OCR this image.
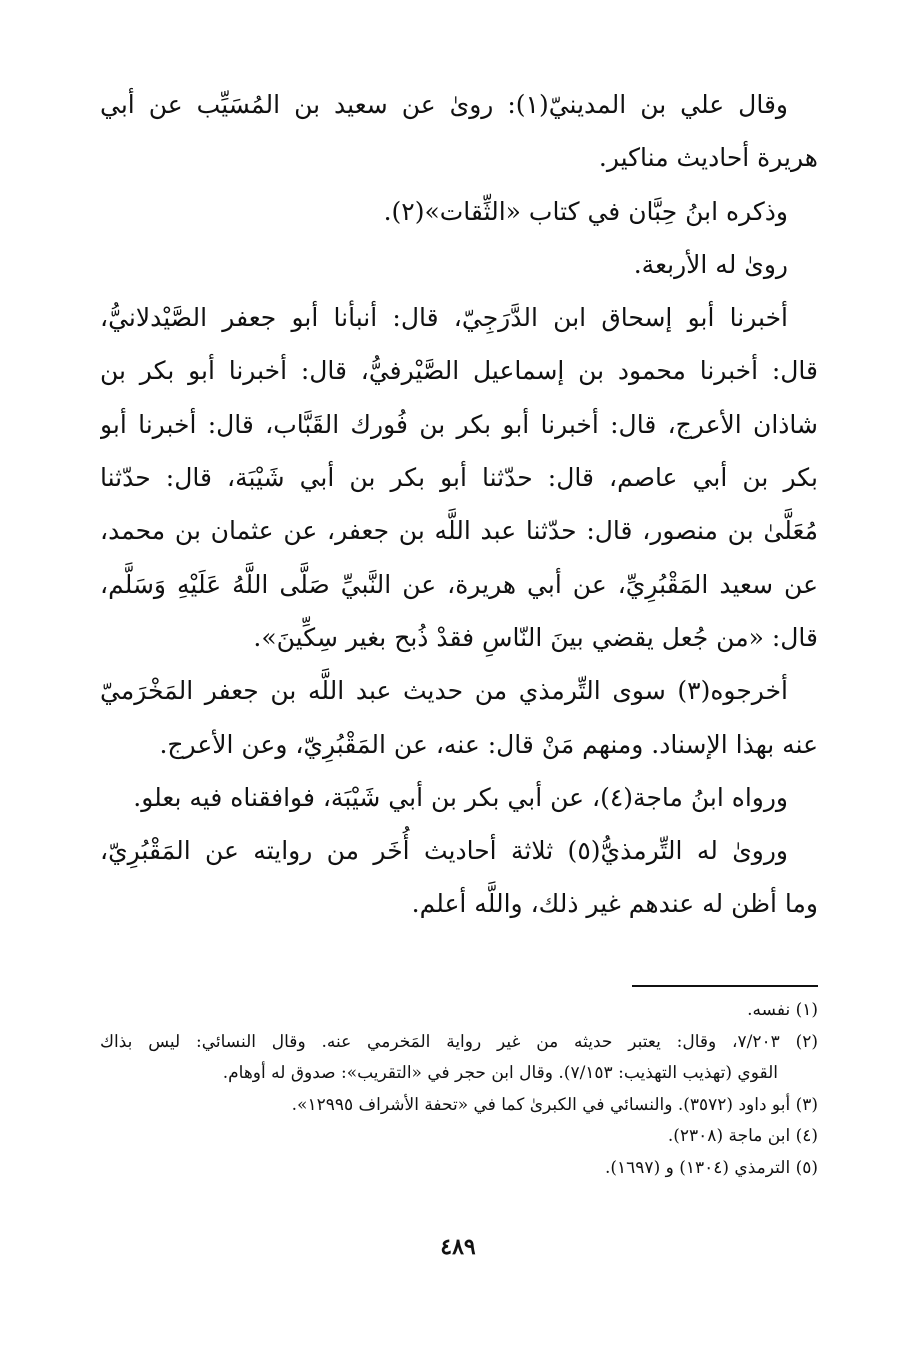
وقال علي بن المدينيّ(١): روىٰ عن سعيد بن المُسَيِّب عن أبي
هريرة أحاديث مناكير.
وذكره ابنُ حِبَّان في كتاب «الثِّقات»(٢).
روىٰ له الأربعة.
أخبرنا أبو إسحاق ابن الدَّرَجِيّ، قال: أنبأنا أبو جعفر الصَّيْدلانيُّ،
قال: أخبرنا محمود بن إسماعيل الصَّيْرفيُّ، قال: أخبرنا أبو بكر بن
شاذان الأعرج، قال: أخبرنا أبو بكر بن فُورك القَبَّاب، قال: أخبرنا أبو
بكر بن أبي عاصم، قال: حدّثنا أبو بكر بن أبي شَيْبَة، قال: حدّثنا
مُعَلَّىٰ بن منصور، قال: حدّثنا عبد اللَّه بن جعفر، عن عثمان بن محمد،
عن سعيد المَقْبُرِيِّ، عن أبي هريرة، عن النَّبيِّ صَلَّى اللَّهُ عَلَيْهِ وَسَلَّم،
قال: «من جُعل يقضي بينَ النّاسِ فقدْ ذُبح بغير سِكِّينَ».
أخرجوه(٣) سوى التِّرمذي من حديث عبد اللَّه بن جعفر المَخْرَميّ
عنه بهذا الإسناد. ومنهم مَنْ قال: عنه، عن المَقْبُرِيّ، وعن الأعرج.
ورواه ابنُ ماجة(٤)، عن أبي بكر بن أبي شَيْبَة، فوافقناه فيه بعلو.
وروىٰ له التِّرمذيُّ(٥) ثلاثة أحاديث أُخَر من روايته عن المَقْبُرِيّ،
وما أظن له عندهم غير ذلك، واللَّه أعلم.
(١) نفسه.
(٢) ٧/٢٠٣، وقال: يعتبر حديثه من غير رواية المَخرمي عنه. وقال النسائي: ليس بذاك
القوي (تهذيب التهذيب: ٧/١٥٣). وقال ابن حجر في «التقريب»: صدوق له أوهام.
(٣) أبو داود (٣٥٧٢). والنسائي في الكبرىٰ كما في «تحفة الأشراف ١٢٩٩٥».
(٤) ابن ماجة (٢٣٠٨).
(٥) الترمذي (١٣٠٤) و (١٦٩٧).
٤٨٩
